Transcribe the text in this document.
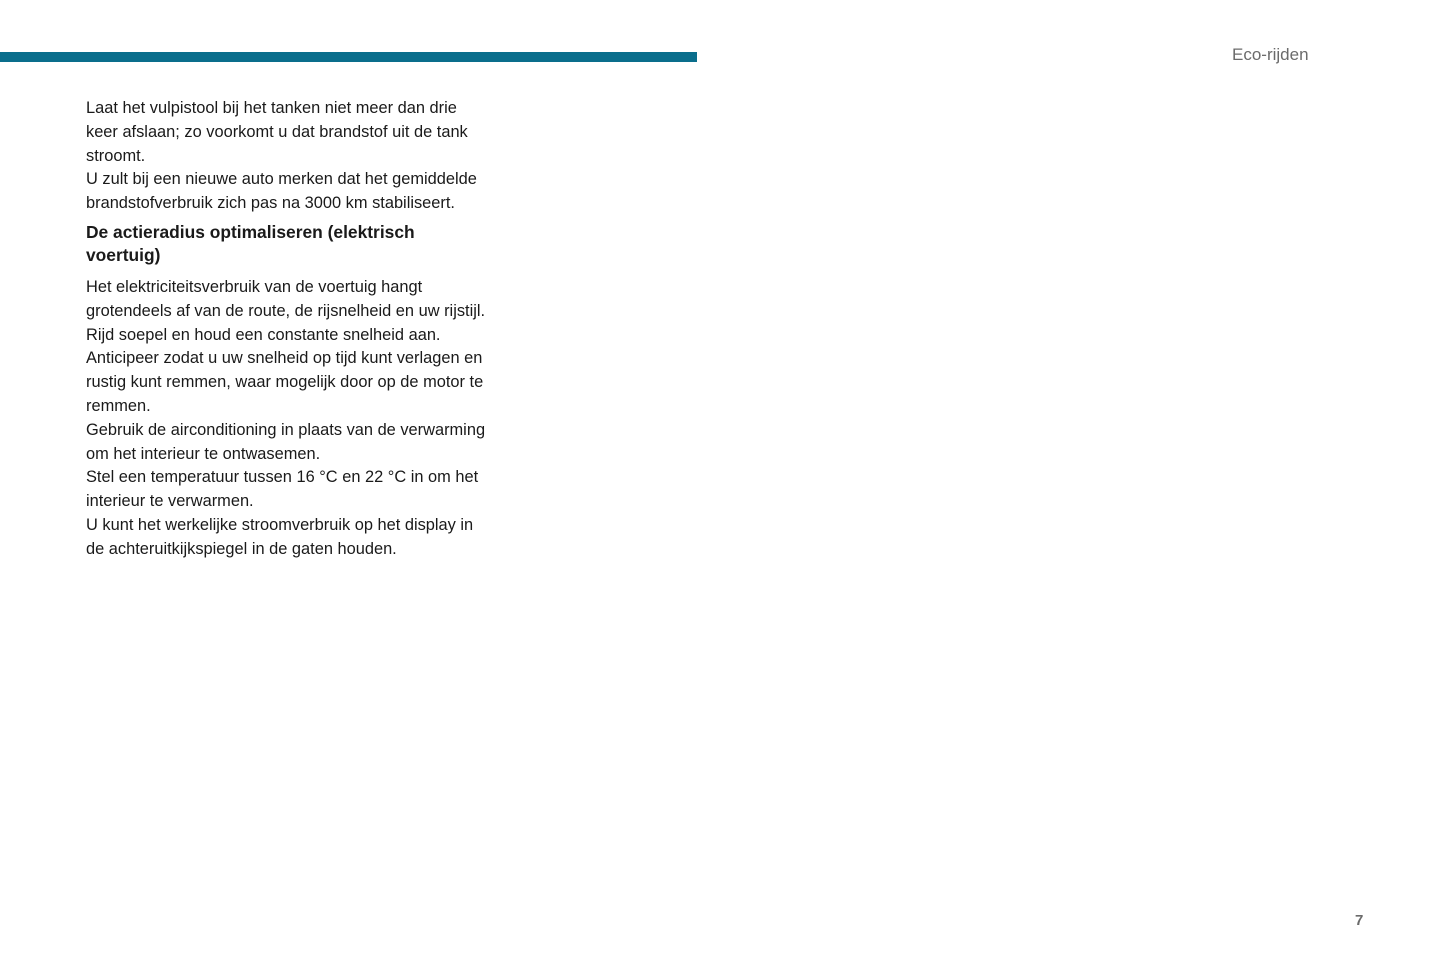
Eco-rijden

Laat het vulpistool bij het tanken niet meer dan drie keer afslaan; zo voorkomt u dat brandstof uit de tank stroomt.

U zult bij een nieuwe auto merken dat het gemiddelde brandstofverbruik zich pas na 3000 km stabiliseert.

De actieradius optimaliseren (elektrisch voertuig)

Het elektriciteitsverbruik van de voertuig hangt grotendeels af van de route, de rijsnelheid en uw rijstijl.

Rijd soepel en houd een constante snelheid aan.

Anticipeer zodat u uw snelheid op tijd kunt verlagen en rustig kunt remmen, waar mogelijk door op de motor te remmen.

Gebruik de airconditioning in plaats van de verwarming om het interieur te ontwasemen.

Stel een temperatuur tussen 16 °C en 22 °C in om het interieur te verwarmen.

U kunt het werkelijke stroomverbruik op het display in de achteruitkijkspiegel in de gaten houden.

7
